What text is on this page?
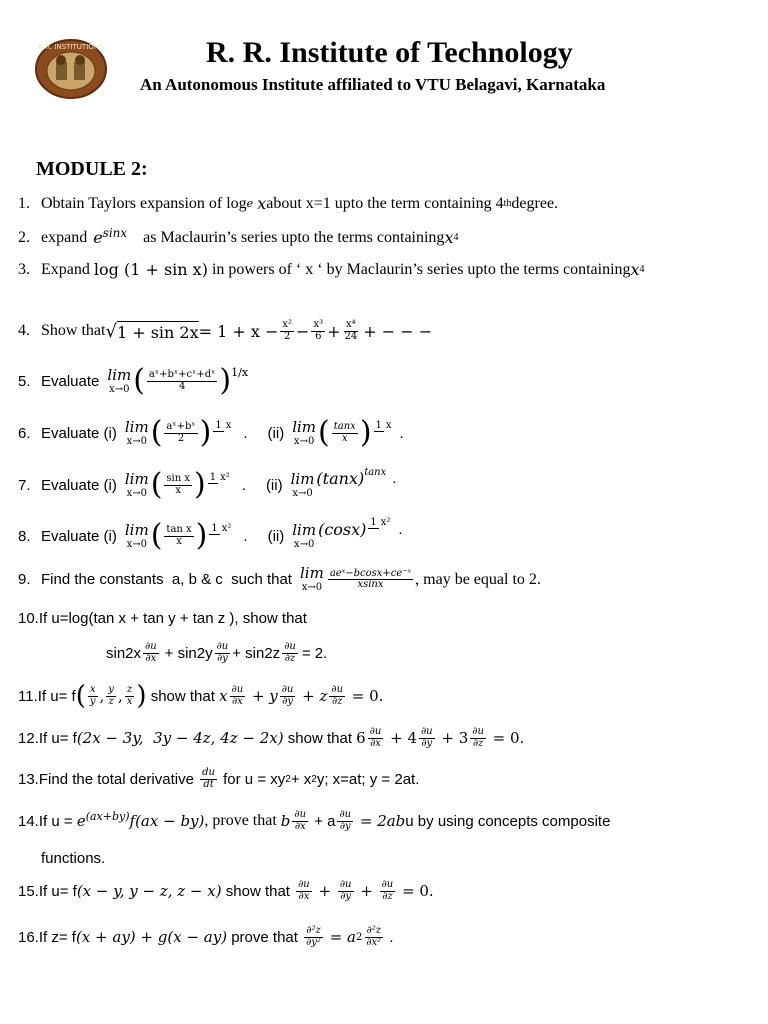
R.R. INSTITUTIONS	R. R. Institute of Technology
An Autonomous Institute affiliated to VTU Belagavi, Karnataka
MODULE 2:
1. Obtain Taylors expansion of log e
x about x=1 upto the term containing 4 th degree.
2. expand $e^{sinx}$ as Maclaurin’s series upto the terms containing x 4
3. Expand log (1 + sin x) in powers of ‘ x ‘ by Maclaurin’s series upto the terms containing x 4
4. Show that √ $1 + \sin 2x = 1 + x - \frac{\text{x²}}{2} - \frac{\text{x³}}{6} + \frac{\text{x⁴}}{24}$ + − − −
5. Evaluate lim
x→0 ( $\frac{\text{aˣ+bˣ+cˣ+dˣ}}{4}$ ) 1/x
6. Evaluate (i) lim
x→0 ( $\frac{\text{aˣ+bˣ}}{2}$ ) 1 x . (ii) lim
x→0 ( $\frac{\tan x}{x}$ ) 1 x .
7. Evaluate (i) lim
x→0 ( $\frac{\text{sin x}}{x}$ ) 1 x² . (ii) lim
x→0
$(\tan x)^{tanx}$ .
8. Evaluate (i) lim
x→0 ( $\frac{\text{tan x}}{x}$ ) 1 x² . (ii) lim
x→0
(cosx) 1 x² .
9. Find the constants  a, b & c  such that lim
$x\to 0 \frac{\text{aeˣ−bcosx+ce⁻ˣ}}{xsinx}$ , may be equal to 2.
10. If u=log(tan x + tan y + tan z ), show that
$\sin 2x \frac{\partial u}{\partial x} + \sin 2y \frac{\partial u}{\partial y} + \sin 2z \frac{\partial u}{\partial z} = 2$.
11. If u= f ( $\frac{x}{y}$ , $\frac{y}{z}$ , $\frac{z}{x}$ ) show that x $\frac{\partial u}{\partial x} + y \frac{\partial u}{\partial y} + z \frac{\partial u}{\partial z} = 0$.
12. If u= f (2x − 3y,  3y − 4z, 4z − 2x) show that $6 \frac{\partial u}{\partial x} + 4 \frac{\partial u}{\partial y} + 3 \frac{\partial u}{\partial z} = 0$.
13. Find the total derivative $\frac{du}{dt}$ for u = xy 2 + x 2 y; x=at; y = 2at.
14. If $u = e^{(ax+by)}$ f(ax − by) , prove that b $\frac{\partial u}{\partial x} + a \frac{\partial u}{\partial y} = 2ab$ u by using concepts composite
functions.
15. If u= f (x − y, y − z, z − x) show that $\frac{\partial u}{\partial x} + \frac{\partial u}{\partial y} + \frac{\partial u}{\partial z} = 0$.
16. If z= f (x + ay) + g(x − ay) prove that $\frac{\text{∂²z}}{\text{∂y²}} = a$ $2 \frac{\text{∂²z}}{\text{∂x²}}$ .
